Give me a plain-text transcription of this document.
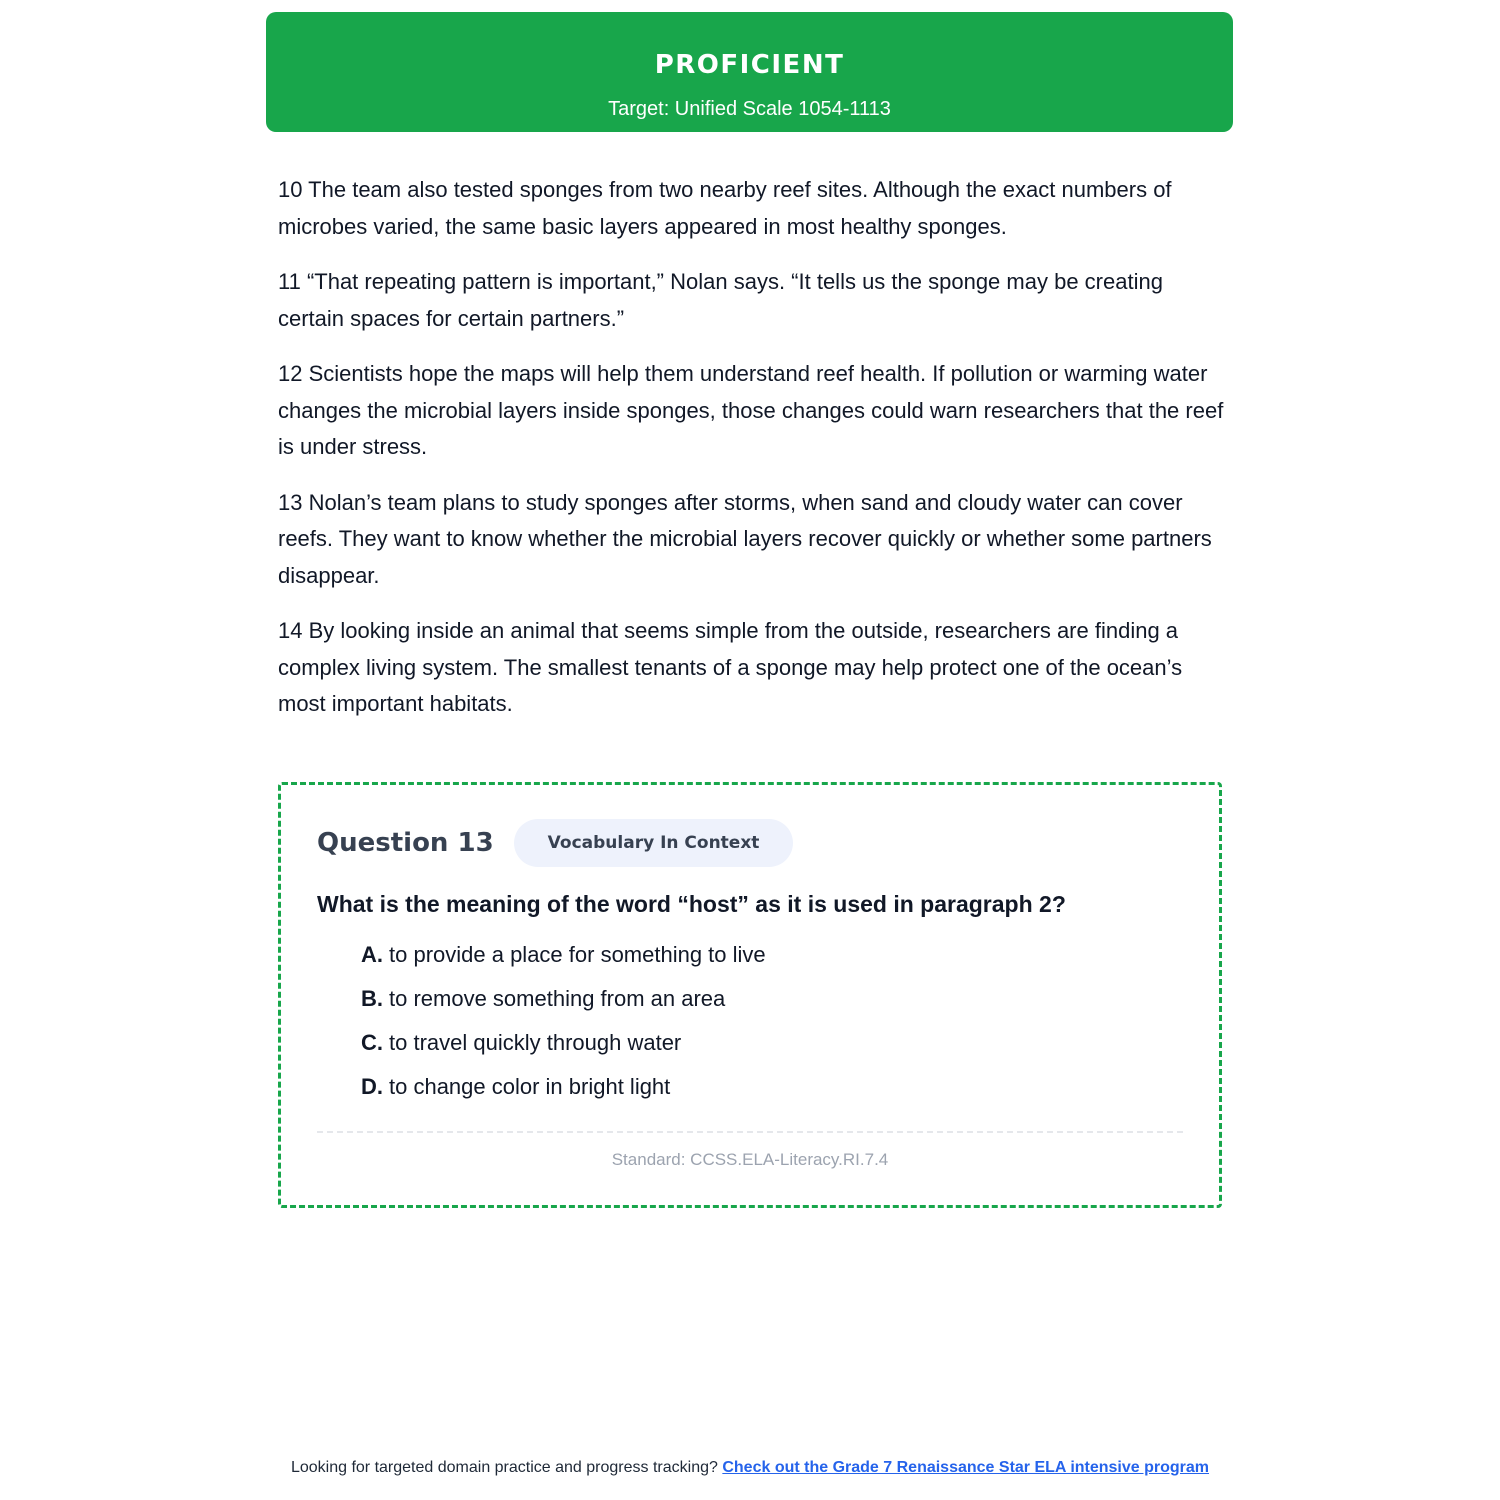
PROFICIENT
Target: Unified Scale 1054-1113

10 The team also tested sponges from two nearby reef sites. Although the exact numbers of microbes varied, the same basic layers appeared in most healthy sponges.

11 “That repeating pattern is important,” Nolan says. “It tells us the sponge may be creating certain spaces for certain partners.”

12 Scientists hope the maps will help them understand reef health. If pollution or warming water changes the microbial layers inside sponges, those changes could warn researchers that the reef is under stress.

13 Nolan’s team plans to study sponges after storms, when sand and cloudy water can cover reefs. They want to know whether the microbial layers recover quickly or whether some partners disappear.

14 By looking inside an animal that seems simple from the outside, researchers are finding a complex living system. The smallest tenants of a sponge may help protect one of the ocean’s most important habitats.

Question 13	Vocabulary In Context
What is the meaning of the word “host” as it is used in paragraph 2?
A. to provide a place for something to live
B. to remove something from an area
C. to travel quickly through water
D. to change color in bright light
Standard: CCSS.ELA-Literacy.RI.7.4
Looking for targeted domain practice and progress tracking? Check out the Grade 7 Renaissance Star ELA intensive program
